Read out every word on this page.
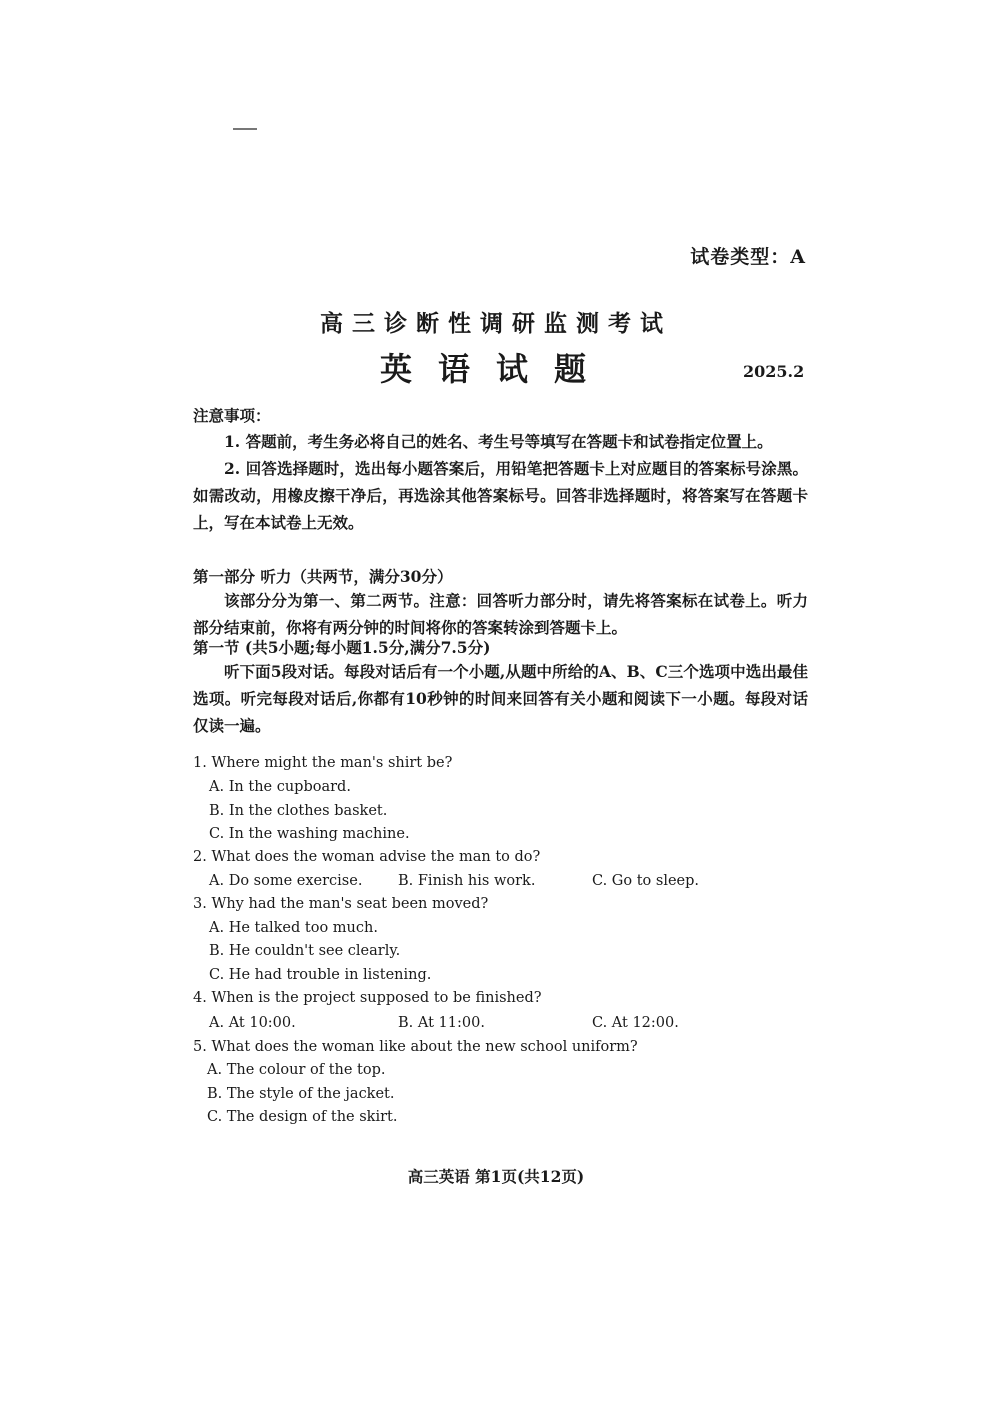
试卷类型：A
高三诊断性调研监测考试
英语试题	2025.2
注意事项：

1. 答题前，考生务必将自己的姓名、考生号等填写在答题卡和试卷指定位置上。

2. 回答选择题时，选出每小题答案后，用铅笔把答题卡上对应题目的答案标号涂黑。如需改动，用橡皮擦干净后，再选涂其他答案标号。回答非选择题时，将答案写在答题卡上，写在本试卷上无效。

第一部分 听力（共两节，满分30分）

该部分分为第一、第二两节。注意：回答听力部分时，请先将答案标在试卷上。听力部分结束前，你将有两分钟的时间将你的答案转涂到答题卡上。

第一节 (共5小题;每小题1.5分,满分7.5分)

听下面5段对话。每段对话后有一个小题,从题中所给的A、B、C三个选项中选出最佳选项。听完每段对话后,你都有10秒钟的时间来回答有关小题和阅读下一小题。每段对话仅读一遍。

1. Where might the man's shirt be?
A. In the cupboard.
B. In the clothes basket.
C. In the washing machine.
2. What does the woman advise the man to do?
A. Do some exercise. B. Finish his work.	C. Go to sleep.
3. Why had the man's seat been moved?
A. He talked too much.
B. He couldn't see clearly.
C. He had trouble in listening.
4. When is the project supposed to be finished?
A. At 10:00.	B. At 11:00.	C. At 12:00.
5. What does the woman like about the new school uniform?
A. The colour of the top.
B. The style of the jacket.
C. The design of the skirt.
高三英语 第1页(共12页)
